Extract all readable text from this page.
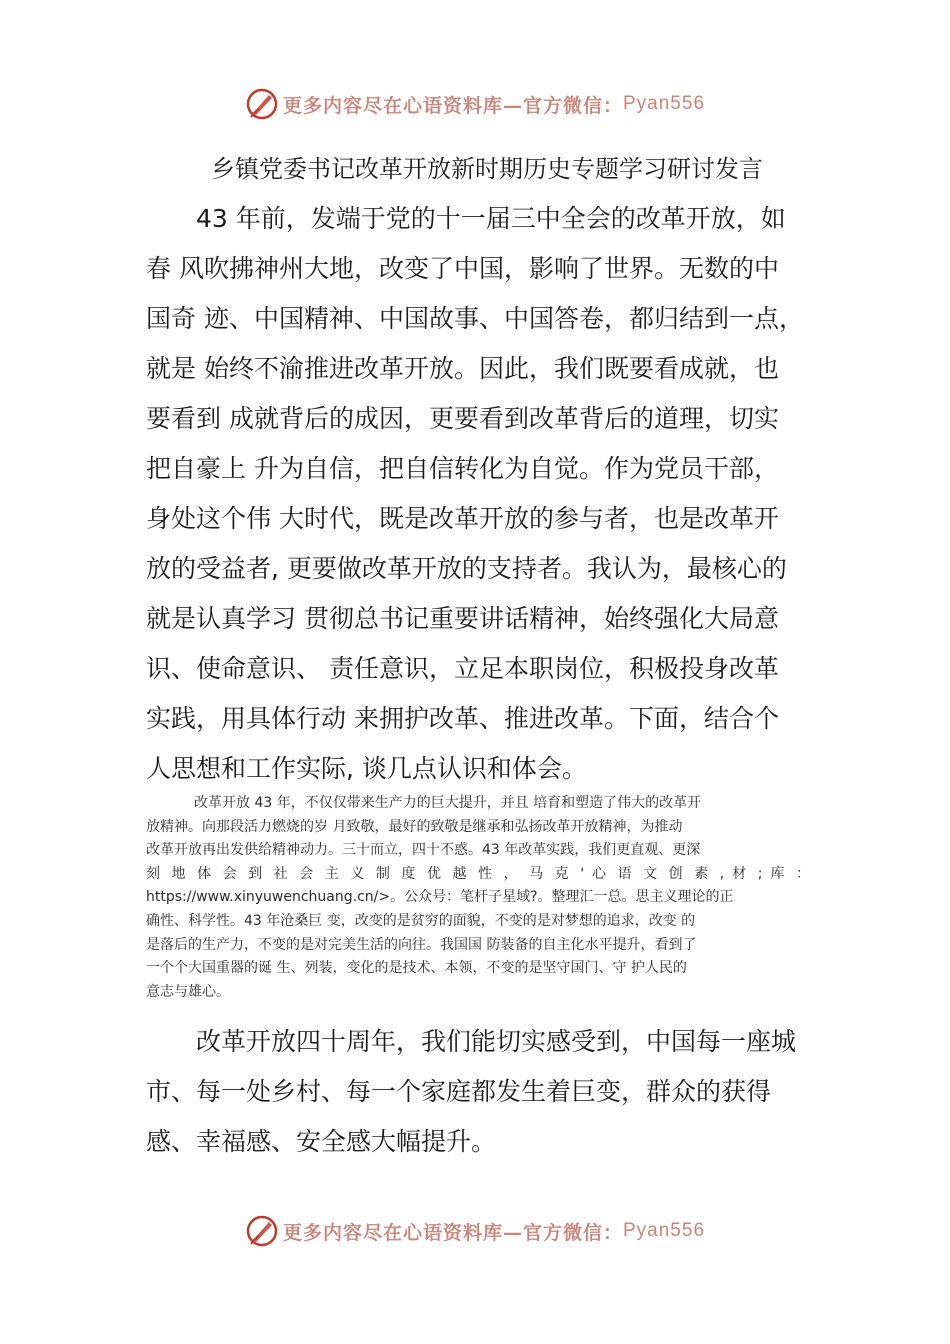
更多内容尽在心语资料库—官方微信： Pyan556
乡镇党委书记改革开放新时期历史专题学习研讨发言
43 年前，发端于党的十一届三中全会的改革开放，如
春 风吹拂神州大地，改变了中国，影响了世界。无数的中
国奇 迹、中国精神、中国故事、中国答卷，都归结到一点，
就是 始终不渝推进改革开放。因此，我们既要看成就，也
要看到 成就背后的成因，更要看到改革背后的道理，切实
把自豪上 升为自信，把自信转化为自觉。作为党员干部，
身处这个伟 大时代，既是改革开放的参与者，也是改革开
放的受益者, 更要做改革开放的支持者。我认为，最核心的
就是认真学习 贯彻总书记重要讲话精神，始终强化大局意
识、使命意识、 责任意识，立足本职岗位，积极投身改革
实践，用具体行动 来拥护改革、推进改革。下面，结合个
人思想和工作实际, 谈几点认识和体会。
改革开放 43 年，不仅仅带来生产力的巨大提升，并且 培育和塑造了伟大的改革开
放精神。向那段活力燃烧的岁 月致敬，最好的致敬是继承和弘扬改革开放精神，为推动
改革开放再出发供给精神动力。三十而立，四十不惑。43 年改革实践，我们更直观、更深
刻 地 体 会 到 社 会 主 义 制 度 优 越 性 ， 马 克 ' 心 语 文 创 素 , 材 ; 库 ：
https://www.xinyuwenchuang.cn/>。公众号：笔杆子星域?。整理汇一总。思主义理论的正
确性、科学性。43 年沧桑巨 变，改变的是贫穷的面貌，不变的是对梦想的追求，改变 的
是落后的生产力，不变的是对完美生活的向往。我国国 防装备的自主化水平提升，看到了
一个个大国重器的诞 生、列装，变化的是技术、本领，不变的是坚守国门、守 护人民的
意志与雄心。
改革开放四十周年，我们能切实感受到，中国每一座城
市、每一处乡村、每一个家庭都发生着巨变，群众的获得
感、幸福感、安全感大幅提升。
更多内容尽在心语资料库—官方微信： Pyan556
